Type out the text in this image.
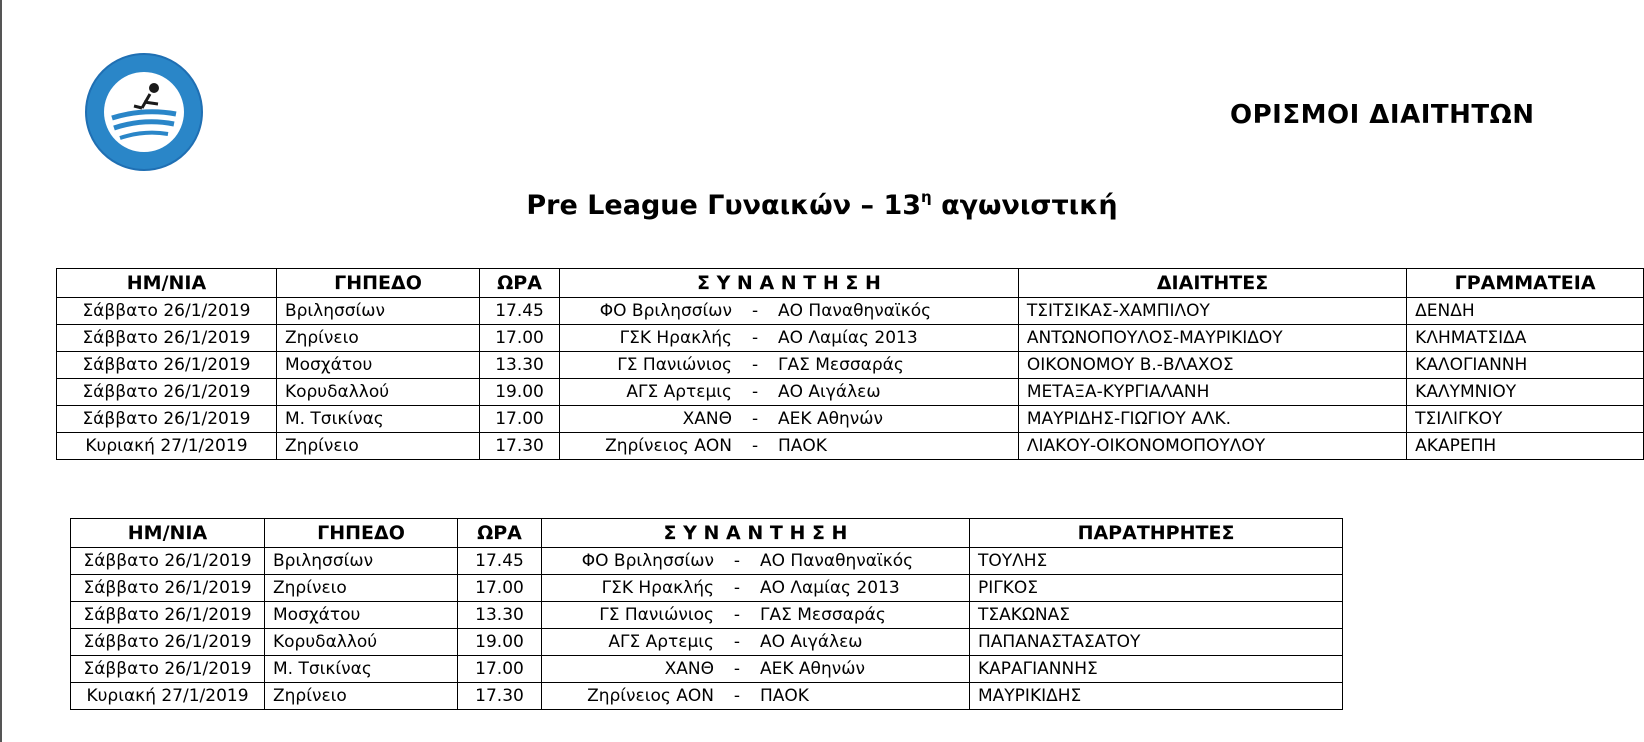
ΟΡΙΣΜΟΙ ΔΙΑΙΤΗΤΩΝ
Pre League Γυναικών – $13^\eta$ αγωνιστική
ΗΜ/ΝΙΑ	ΓΗΠΕΔΟ	ΩΡΑ	Σ Υ Ν Α Ν Τ Η Σ Η	ΔΙΑΙΤΗΤΕΣ	ΓΡΑΜΜΑΤΕΙΑ
Σάββατο 26/1/2019	Βριλησσίων	17.45	ΦΟ Βριλησσίων - ΑΟ Παναθηναϊκός	ΤΣΙΤΣΙΚΑΣ-ΧΑΜΠΙΛΟΥ	ΔΕΝΔΗ
Σάββατο 26/1/2019	Ζηρίνειο	17.00	ΓΣΚ Ηρακλής - ΑΟ Λαμίας 2013	ΑΝΤΩΝΟΠΟΥΛΟΣ-ΜΑΥΡΙΚΙΔΟΥ	ΚΛΗΜΑΤΣΙΔΑ
Σάββατο 26/1/2019	Μοσχάτου	13.30	ΓΣ Πανιώνιος - ΓΑΣ Μεσσαράς	ΟΙΚΟΝΟΜΟΥ Β.-ΒΛΑΧΟΣ	ΚΑΛΟΓΙΑΝΝΗ
Σάββατο 26/1/2019	Κορυδαλλού	19.00	ΑΓΣ Αρτεμις - ΑΟ Αιγάλεω	ΜΕΤΑΞΑ-ΚΥΡΓΙΑΛΑΝΗ	ΚΑΛΥΜΝΙΟΥ
Σάββατο 26/1/2019	Μ. Τσικίνας	17.00	ΧΑΝΘ - ΑΕΚ Αθηνών	ΜΑΥΡΙΔΗΣ-ΓΙΩΓΙΟΥ ΑΛΚ.	ΤΣΙΛΙΓΚΟΥ
Κυριακή 27/1/2019	Ζηρίνειο	17.30	Ζηρίνειος ΑΟΝ - ΠΑΟΚ	ΛΙΑΚΟΥ-ΟΙΚΟΝΟΜΟΠΟΥΛΟΥ	ΑΚΑΡΕΠΗ
ΗΜ/ΝΙΑ	ΓΗΠΕΔΟ	ΩΡΑ	Σ Υ Ν Α Ν Τ Η Σ Η	ΠΑΡΑΤΗΡΗΤΕΣ
Σάββατο 26/1/2019	Βριλησσίων	17.45	ΦΟ Βριλησσίων - ΑΟ Παναθηναϊκός	ΤΟΥΛΗΣ
Σάββατο 26/1/2019	Ζηρίνειο	17.00	ΓΣΚ Ηρακλής - ΑΟ Λαμίας 2013	ΡΙΓΚΟΣ
Σάββατο 26/1/2019	Μοσχάτου	13.30	ΓΣ Πανιώνιος - ΓΑΣ Μεσσαράς	ΤΣΑΚΩΝΑΣ
Σάββατο 26/1/2019	Κορυδαλλού	19.00	ΑΓΣ Αρτεμις - ΑΟ Αιγάλεω	ΠΑΠΑΝΑΣΤΑΣΑΤΟΥ
Σάββατο 26/1/2019	Μ. Τσικίνας	17.00	ΧΑΝΘ - ΑΕΚ Αθηνών	ΚΑΡΑΓΙΑΝΝΗΣ
Κυριακή 27/1/2019	Ζηρίνειο	17.30	Ζηρίνειος ΑΟΝ - ΠΑΟΚ	ΜΑΥΡΙΚΙΔΗΣ
